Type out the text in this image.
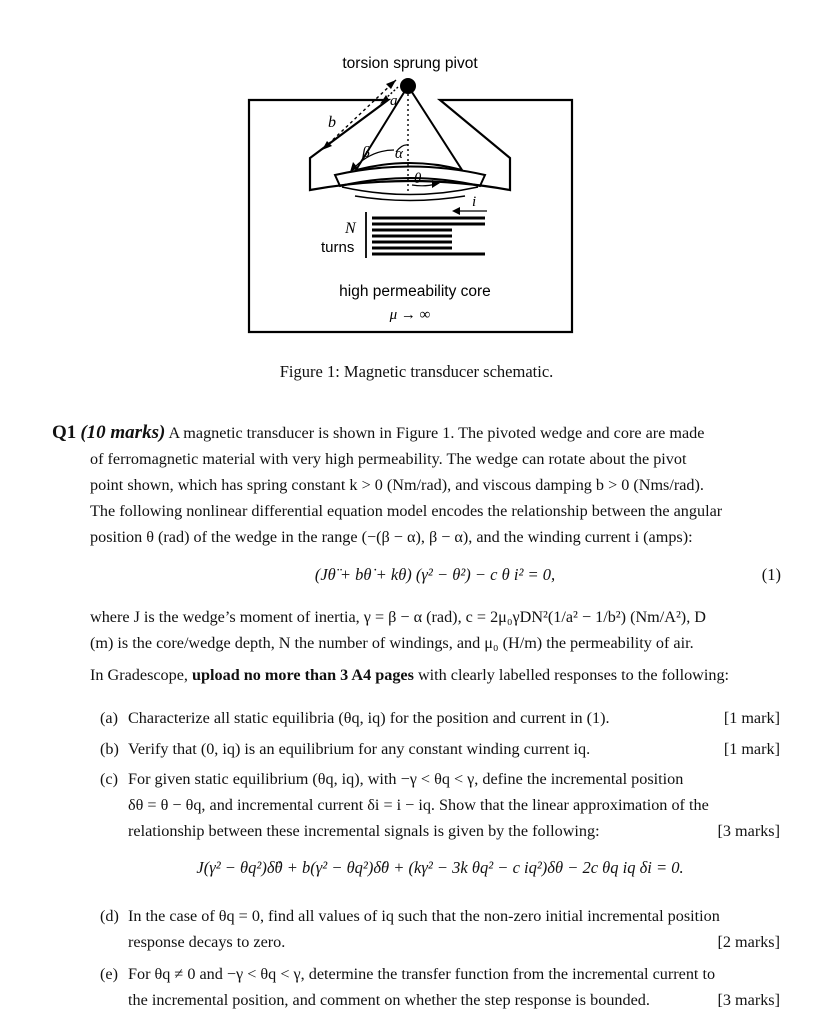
torsion sprung pivot
b
a
β α
θ
i
N
turns
high permeability core
μ → ∞
Figure 1: Magnetic transducer schematic.
Q1 (10 marks) A magnetic transducer is shown in Figure 1. The pivoted wedge and core are made
of ferromagnetic material with very high permeability. The wedge can rotate about the pivot
point shown, which has spring constant k > 0 (Nm/rad), and viscous damping b > 0 (Nms/rad).
The following nonlinear differential equation model encodes the relationship between the angular
position θ (rad) of the wedge in the range (−(β − α), β − α), and the winding current i (amps):
(Jθ̈ + bθ̇ + kθ) (γ² − θ²) − c θ i² = 0,	(1)
where J is the wedge’s moment of inertia, γ = β − α (rad), c = 2μ₀γDN²(1/a² − 1/b²) (Nm/A²), D
(m) is the core/wedge depth, N the number of windings, and μ₀ (H/m) the permeability of air.
In Gradescope, upload no more than 3 A4 pages with clearly labelled responses to the following:
(a)	[1 mark]
Characterize all static equilibria (θq, iq) for the position and current in (1).
(b)	[1 mark]
Verify that (0, iq) is an equilibrium for any constant winding current iq.
(c) For given static equilibrium (θq, iq), with −γ < θq < γ, define the incremental position
δθ = θ − θq, and incremental current δi = i − iq. Show that the linear approximation of the
[3 marks]
relationship between these incremental signals is given by the following:
J(γ² − θq²)δ̈θ + b(γ² − θq²)δ̇θ + (kγ² − 3k θq² − c iq²)δθ − 2c θq iq δi = 0.
(d) In the case of θq = 0, find all values of iq such that the non-zero initial incremental position
[2 marks]
response decays to zero.
(e) For θq ≠ 0 and −γ < θq < γ, determine the transfer function from the incremental current to
[3 marks]
the incremental position, and comment on whether the step response is bounded.
